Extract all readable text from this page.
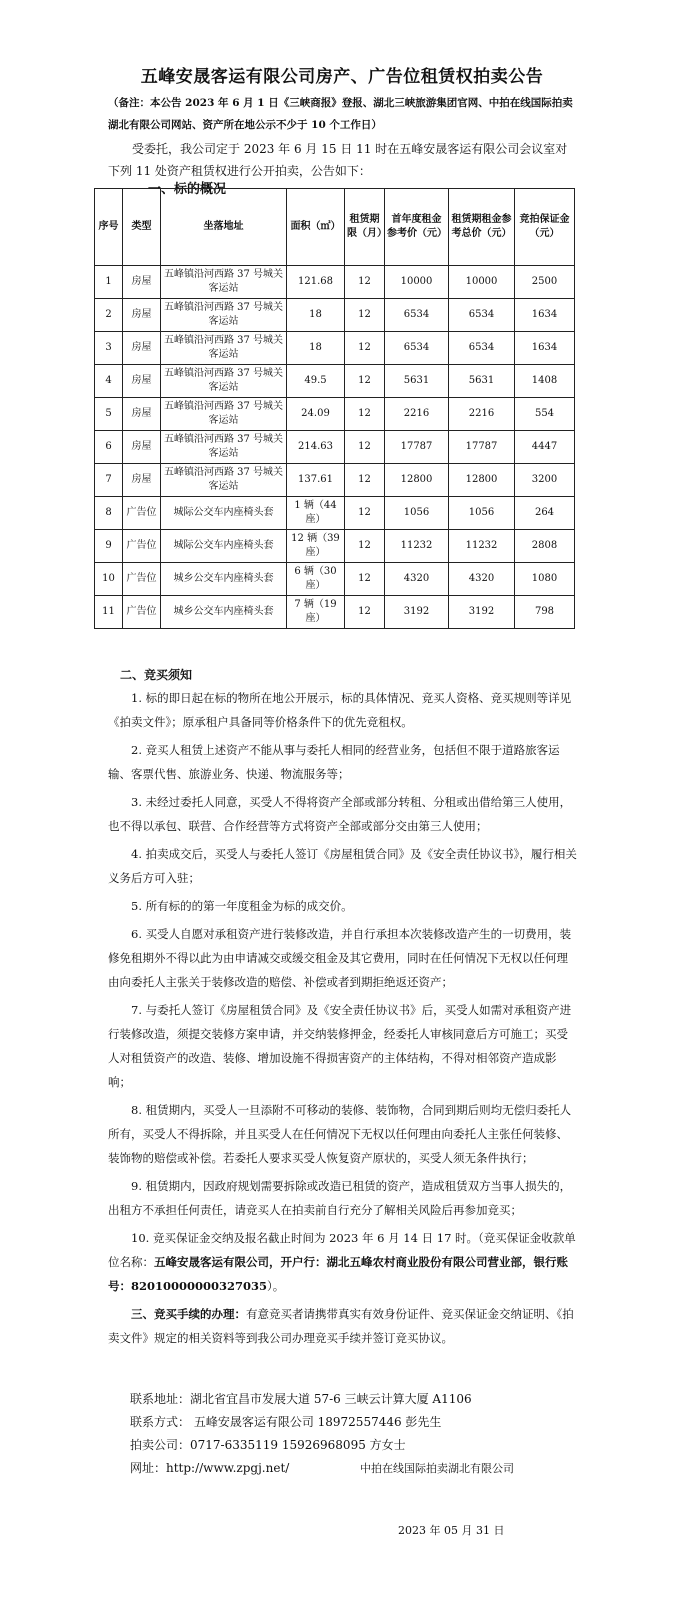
五峰安晟客运有限公司房产、广告位租赁权拍卖公告
（备注：本公告 2023 年 6 月 1 日《三峡商报》登报、湖北三峡旅游集团官网、中拍在线国际拍卖湖北有限公司网站、资产所在地公示不少于 10 个工作日）
受委托，我公司定于 2023 年 6 月 15 日 11 时在五峰安晟客运有限公司会议室对下列 11 处资产租赁权进行公开拍卖，公告如下：
一、标的概况
序号	类型	坐落地址	面积（㎡）	租赁期限（月）	首年度租金参考价（元）	租赁期租金参考总价（元）	竞拍保证金（元）
1	房屋	五峰镇沿河西路 37 号城关客运站	121.68	12	10000	10000	2500
2	房屋	五峰镇沿河西路 37 号城关客运站	18	12	6534	6534	1634
3	房屋	五峰镇沿河西路 37 号城关客运站	18	12	6534	6534	1634
4	房屋	五峰镇沿河西路 37 号城关客运站	49.5	12	5631	5631	1408
5	房屋	五峰镇沿河西路 37 号城关客运站	24.09	12	2216	2216	554
6	房屋	五峰镇沿河西路 37 号城关客运站	214.63	12	17787	17787	4447
7	房屋	五峰镇沿河西路 37 号城关客运站	137.61	12	12800	12800	3200
8	广告位	城际公交车内座椅头套	1 辆（44 座）	12	1056	1056	264
9	广告位	城际公交车内座椅头套	12 辆（39 座）	12	11232	11232	2808
10	广告位	城乡公交车内座椅头套	6 辆（30 座）	12	4320	4320	1080
11	广告位	城乡公交车内座椅头套	7 辆（19 座）	12	3192	3192	798
二、竞买须知

1. 标的即日起在标的物所在地公开展示，标的具体情况、竞买人资格、竞买规则等详见《拍卖文件》；原承租户具备同等价格条件下的优先竞租权。

2. 竞买人租赁上述资产不能从事与委托人相同的经营业务，包括但不限于道路旅客运输、客票代售、旅游业务、快递、物流服务等；

3. 未经过委托人同意，买受人不得将资产全部或部分转租、分租或出借给第三人使用，也不得以承包、联营、合作经营等方式将资产全部或部分交由第三人使用；

4. 拍卖成交后，买受人与委托人签订《房屋租赁合同》及《安全责任协议书》，履行相关义务后方可入驻；

5. 所有标的的第一年度租金为标的成交价。

6. 买受人自愿对承租资产进行装修改造，并自行承担本次装修改造产生的一切费用，装修免租期外不得以此为由申请减交或缓交租金及其它费用，同时在任何情况下无权以任何理由向委托人主张关于装修改造的赔偿、补偿或者到期拒绝返还资产；

7. 与委托人签订《房屋租赁合同》及《安全责任协议书》后，买受人如需对承租资产进行装修改造，须提交装修方案申请，并交纳装修押金，经委托人审核同意后方可施工；买受人对租赁资产的改造、装修、增加设施不得损害资产的主体结构，不得对相邻资产造成影响；

8. 租赁期内，买受人一旦添附不可移动的装修、装饰物，合同到期后则均无偿归委托人所有，买受人不得拆除，并且买受人在任何情况下无权以任何理由向委托人主张任何装修、装饰物的赔偿或补偿。若委托人要求买受人恢复资产原状的，买受人须无条件执行；

9. 租赁期内，因政府规划需要拆除或改造已租赁的资产，造成租赁双方当事人损失的，出租方不承担任何责任，请竞买人在拍卖前自行充分了解相关风险后再参加竞买；

10. 竞买保证金交纳及报名截止时间为 2023 年 6 月 14 日 17 时。（竞买保证金收款单位名称：五峰安晟客运有限公司，开户行：湖北五峰农村商业股份有限公司营业部，银行账号：82010000000327035）。

三、竞买手续的办理：有意竞买者请携带真实有效身份证件、竞买保证金交纳证明、《拍卖文件》规定的相关资料等到我公司办理竞买手续并签订竞买协议。

联系地址：湖北省宜昌市发展大道 57-6 三峡云计算大厦 A1106
联系方式： 五峰安晟客运有限公司 18972557446 彭先生
拍卖公司：0717-6335119 15926968095 方女士
网址：http://www.zpgj.net/	中拍在线国际拍卖湖北有限公司
2023 年 05 月 31 日
